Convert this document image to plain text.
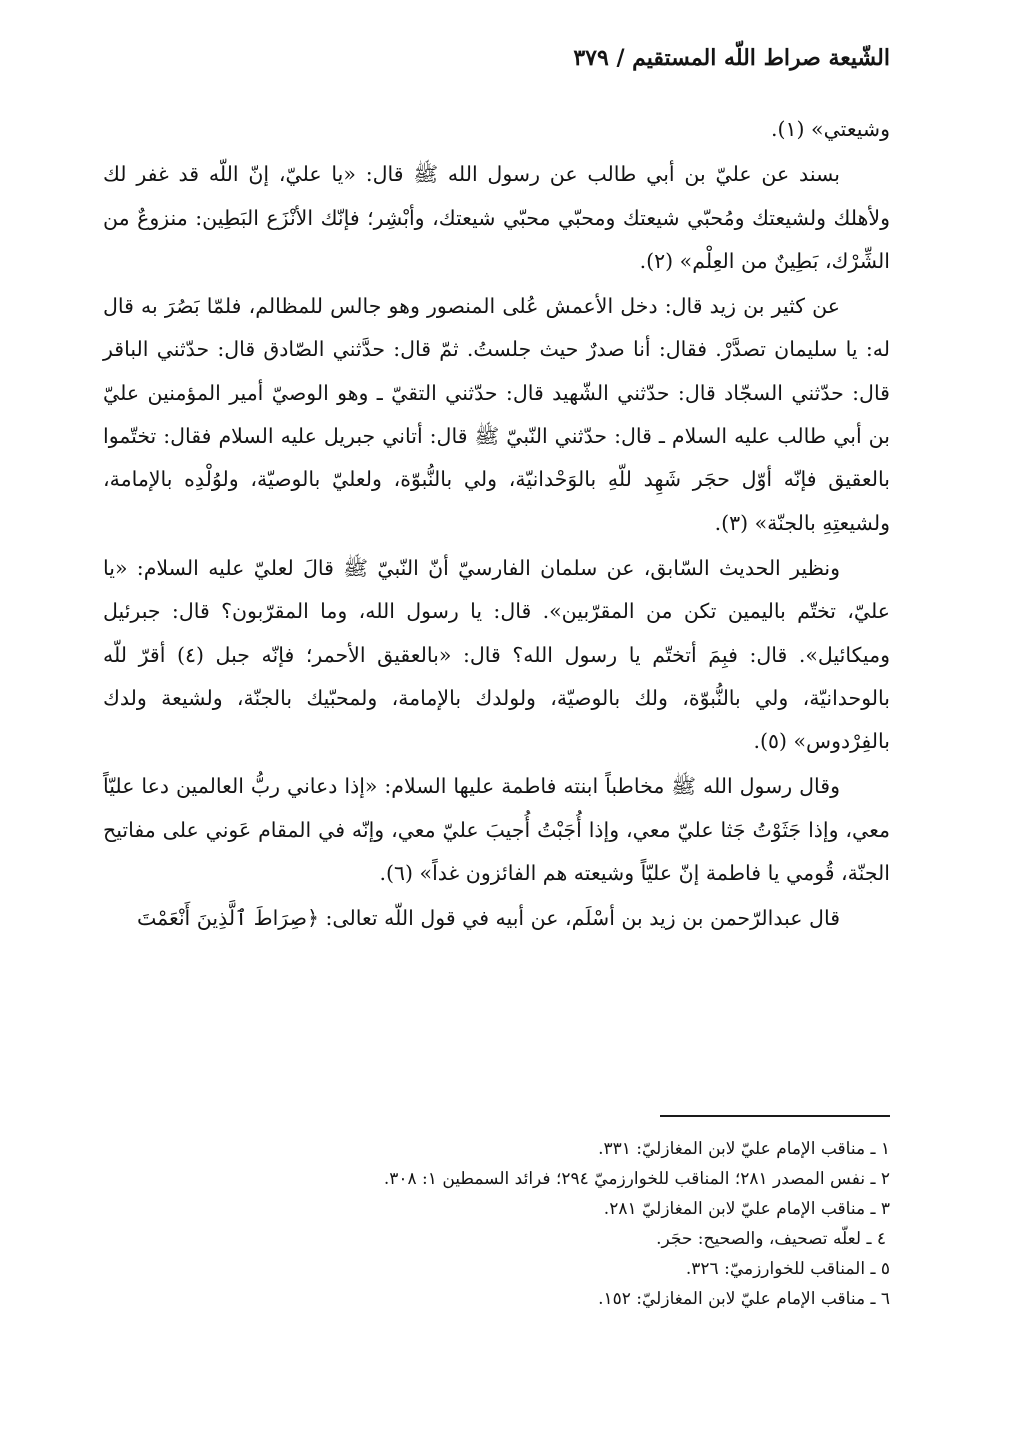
الشّيعة صراط اللّه المستقيم / ٣٧٩

وشيعتي» (١).

بسند عن عليّ بن أبي طالب عن رسول الله ﷺ قال: «يا عليّ، إنّ اللّه قد غفر لك ولأهلك ولشيعتك ومُحبّي شيعتك ومحبّي محبّي شيعتك، وأبْشِر؛ فإنّك الأنْزَع البَطِين: منزوعٌ من الشِّرْك، بَطِينٌ من العِلْم» (٢).

عن كثير بن زيد قال: دخل الأعمش عُلى المنصور وهو جالس للمظالم، فلمّا بَصُرَ به قال له: يا سليمان تصدَّرْ. فقال: أنا صدرٌ حيث جلستُ. ثمّ قال: حدَّثني الصّادق قال: حدّثني الباقر قال: حدّثني السجّاد قال: حدّثني الشّهيد قال: حدّثني التقيّ ـ وهو الوصيّ أمير المؤمنين عليّ بن أبي طالب عليه السلام ـ قال: حدّثني النّبيّ ﷺ قال: أتاني جبريل عليه السلام فقال: تختّموا بالعقيق فإنّه أوّل حجَر شَهِد للّهِ بالوَحْدانيّة، ولي بالنُّبوّة، ولعليّ بالوصيّة، ولوُلْدِه بالإمامة، ولشيعتِهِ بالجنّة» (٣).

ونظير الحديث السّابق، عن سلمان الفارسيّ أنّ النّبيّ ﷺ قالَ لعليّ عليه السلام: «يا عليّ، تختّم باليمين تكن من المقرّبين». قال: يا رسول الله، وما المقرّبون؟ قال: جبرئيل وميكائيل». قال: فبِمَ أتختّم يا رسول الله؟ قال: «بالعقيق الأحمر؛ فإنّه جبل (٤) أقرّ للّه بالوحدانيّة، ولي بالنُّبوّة، ولك بالوصيّة، ولولدك بالإمامة، ولمحبّيك بالجنّة، ولشيعة ولدك بالفِرْدوس» (٥).

وقال رسول الله ﷺ مخاطباً ابنته فاطمة عليها السلام: «إذا دعاني ربُّ العالمين دعا عليّاً معي، وإذا جَثَوْتُ جَثا عليّ معي، وإذا أُجَبْتُ أُجيبَ عليّ معي، وإنّه في المقام عَوني على مفاتيح الجنّة، قُومي يا فاطمة إنّ عليّاً وشيعته هم الفائزون غداً» (٦).

قال عبدالرّحمن بن زيد بن أسْلَم، عن أبيه في قول اللّه تعالى: ﴿صِرَاطَ ٱلَّذِينَ أَنْعَمْتَ

١ ـ مناقب الإمام عليّ لابن المغازليّ: ٣٣١.
٢ ـ نفس المصدر ٢٨١؛ المناقب للخوارزميّ ٢٩٤؛ فرائد السمطين ١: ٣٠٨.
٣ ـ مناقب الإمام عليّ لابن المغازليّ ٢٨١.
٤ ـ لعلّه تصحيف، والصحيح: حجَر.
٥ ـ المناقب للخوارزميّ: ٣٢٦.
٦ ـ مناقب الإمام عليّ لابن المغازليّ: ١٥٢.
